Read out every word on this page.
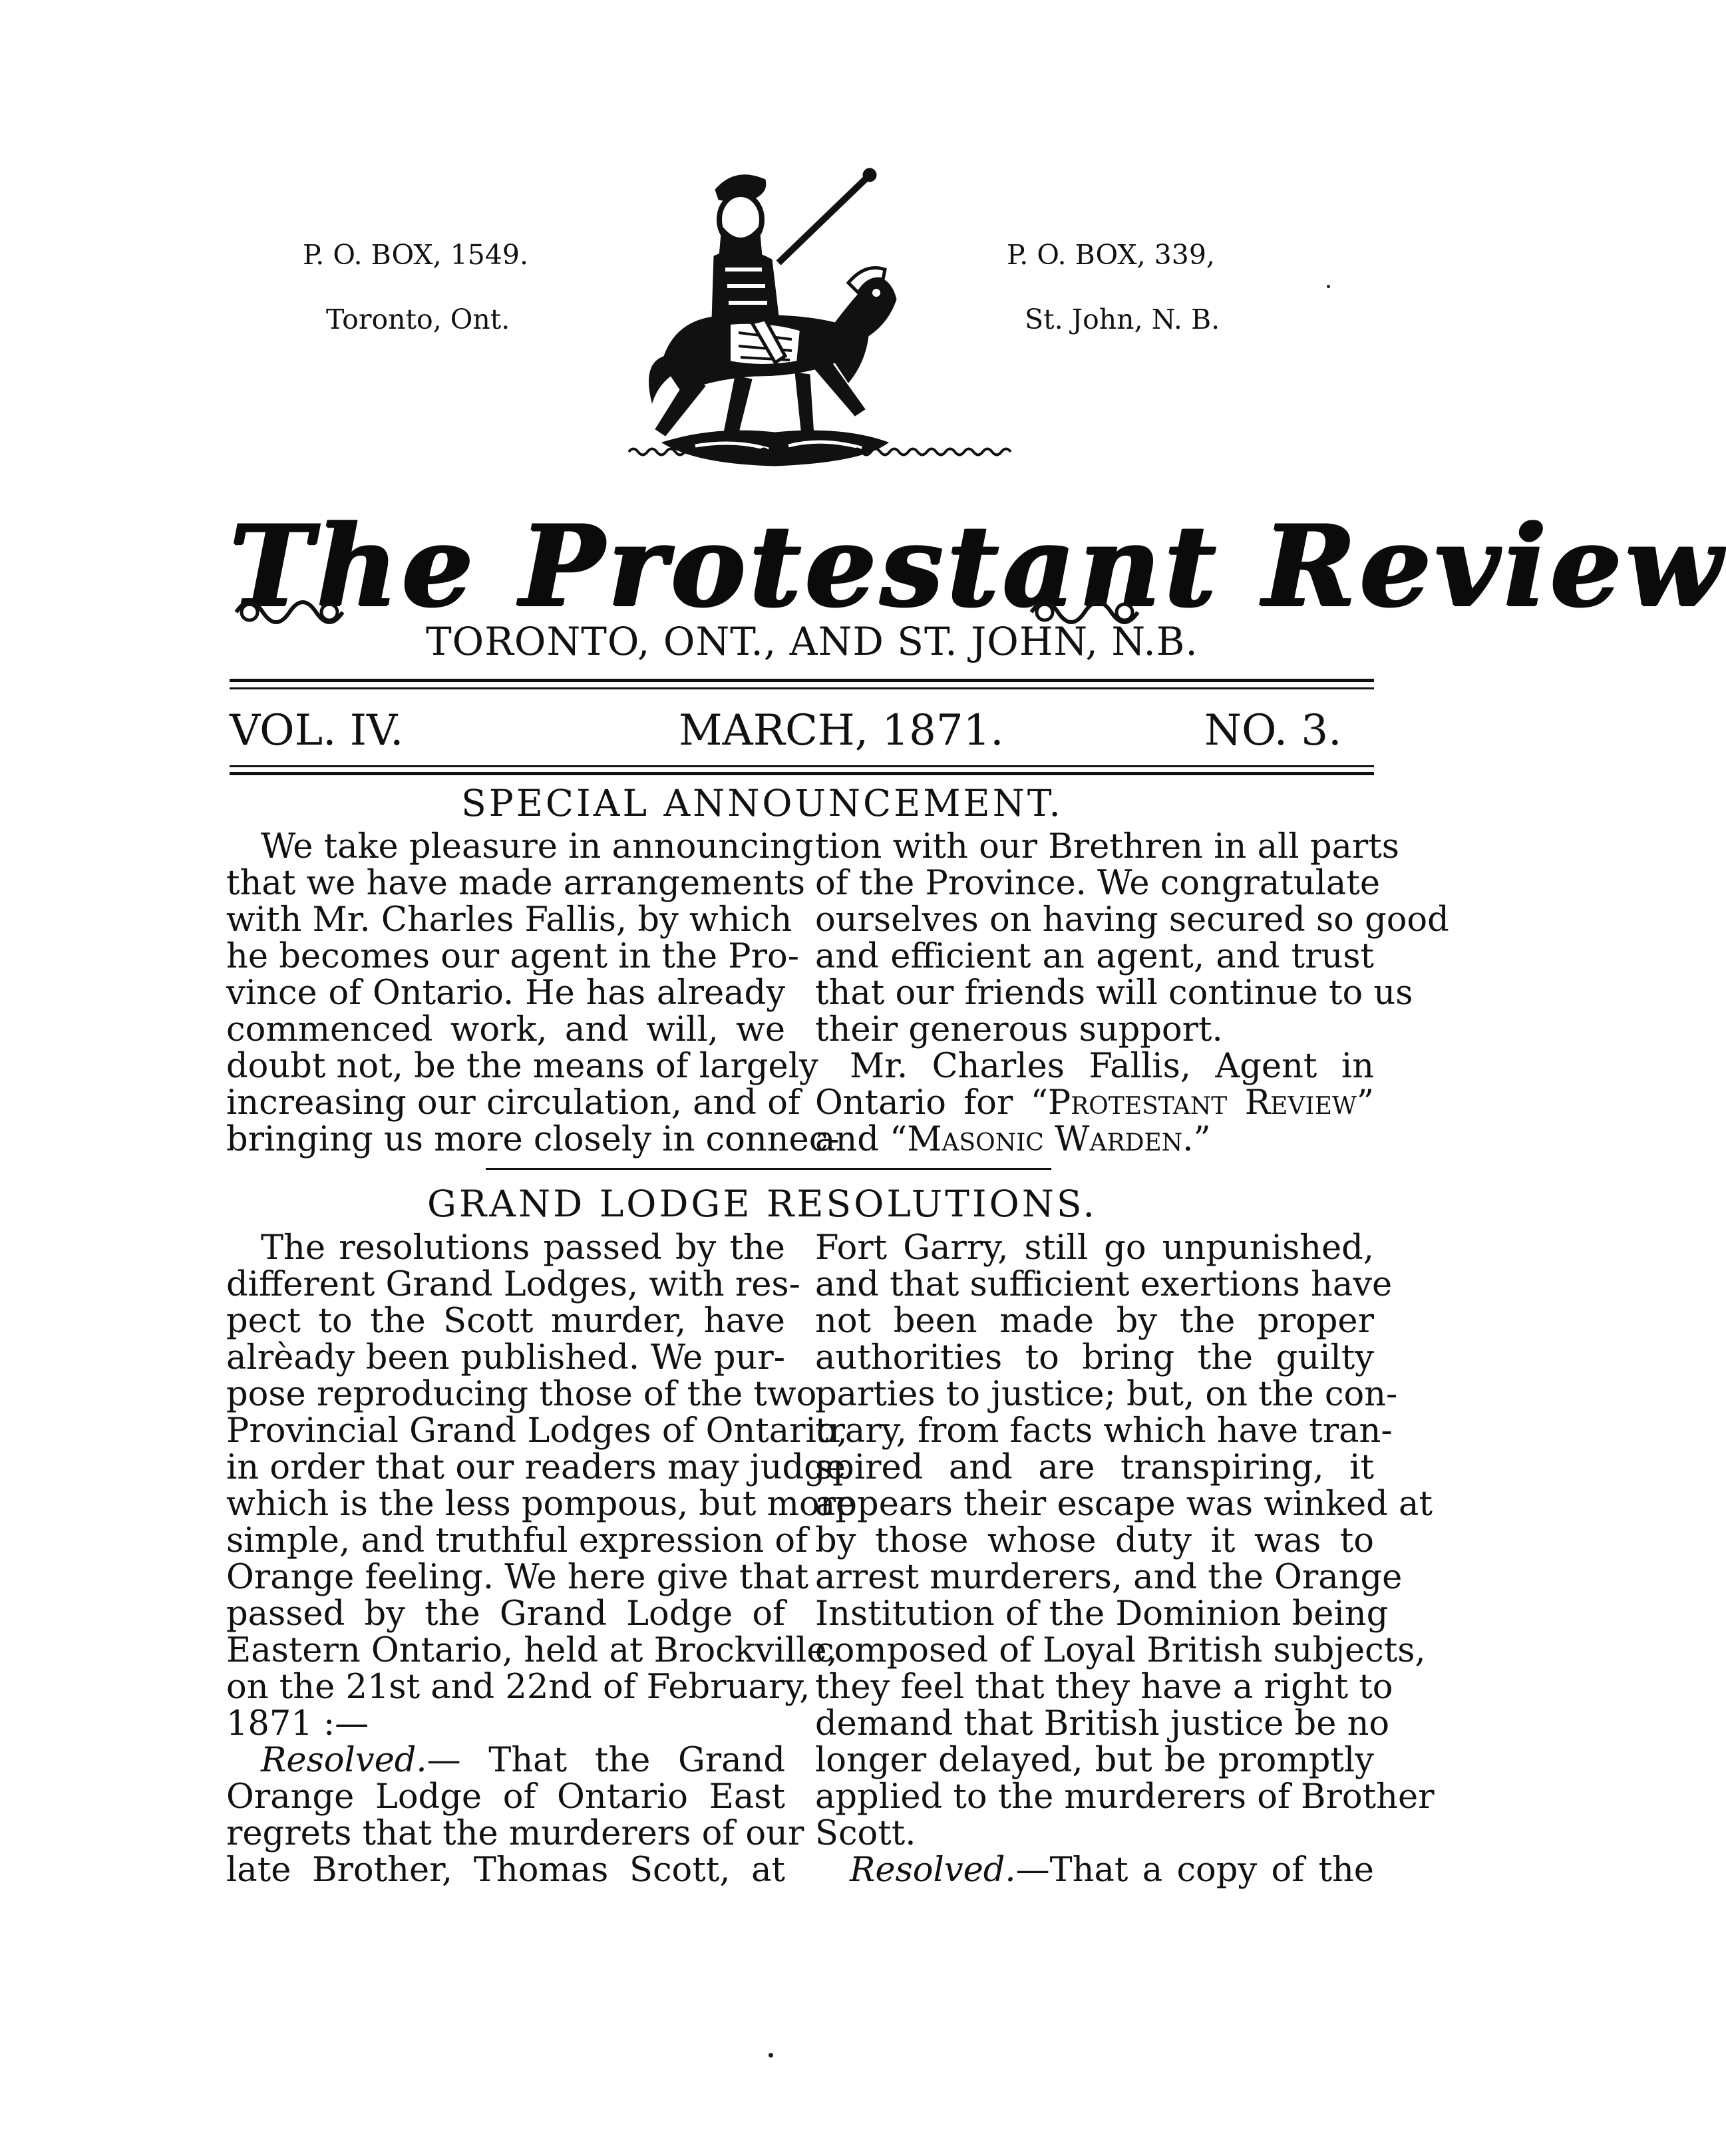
P. O. BOX, 1549.
Toronto, Ont.
P. O. BOX, 339,
St. John, N. B.
The Protestant Review
TORONTO, ONT., AND ST. JOHN, N.B.
VOL. IV.	MARCH, 1871.	NO. 3.
SPECIAL ANNOUNCEMENT.
We take pleasure in announcing
that we have made arrangements
with Mr. Charles Fallis, by which
he becomes our agent in the Pro-
vince of Ontario. He has already
commenced work, and will, we
doubt not, be the means of largely
increasing our circulation, and of
bringing us more closely in connec-
tion with our Brethren in all parts
of the Province. We congratulate
ourselves on having secured so good
and efficient an agent, and trust
that our friends will continue to us
their generous support.
Mr. Charles Fallis, Agent in
Ontario for “Protestant Review”
and “Masonic Warden.”
GRAND LODGE RESOLUTIONS.
The resolutions passed by the
different Grand Lodges, with res-
pect to the Scott murder, have
alrèady been published. We pur-
pose reproducing those of the two
Provincial Grand Lodges of Ontario,
in order that our readers may judge
which is the less pompous, but more
simple, and truthful expression of
Orange feeling. We here give that
passed by the Grand Lodge of
Eastern Ontario, held at Brockville,
on the 21st and 22nd of February,
1871 :—
Resolved.— That the Grand
Orange Lodge of Ontario East
regrets that the murderers of our
late Brother, Thomas Scott, at
Fort Garry, still go unpunished,
and that sufficient exertions have
not been made by the proper
authorities to bring the guilty
parties to justice; but, on the con-
trary, from facts which have tran-
spired and are transpiring, it
appears their escape was winked at
by those whose duty it was to
arrest murderers, and the Orange
Institution of the Dominion being
composed of Loyal British subjects,
they feel that they have a right to
demand that British justice be no
longer delayed, but be promptly
applied to the murderers of Brother
Scott.
Resolved.—That a copy of the
